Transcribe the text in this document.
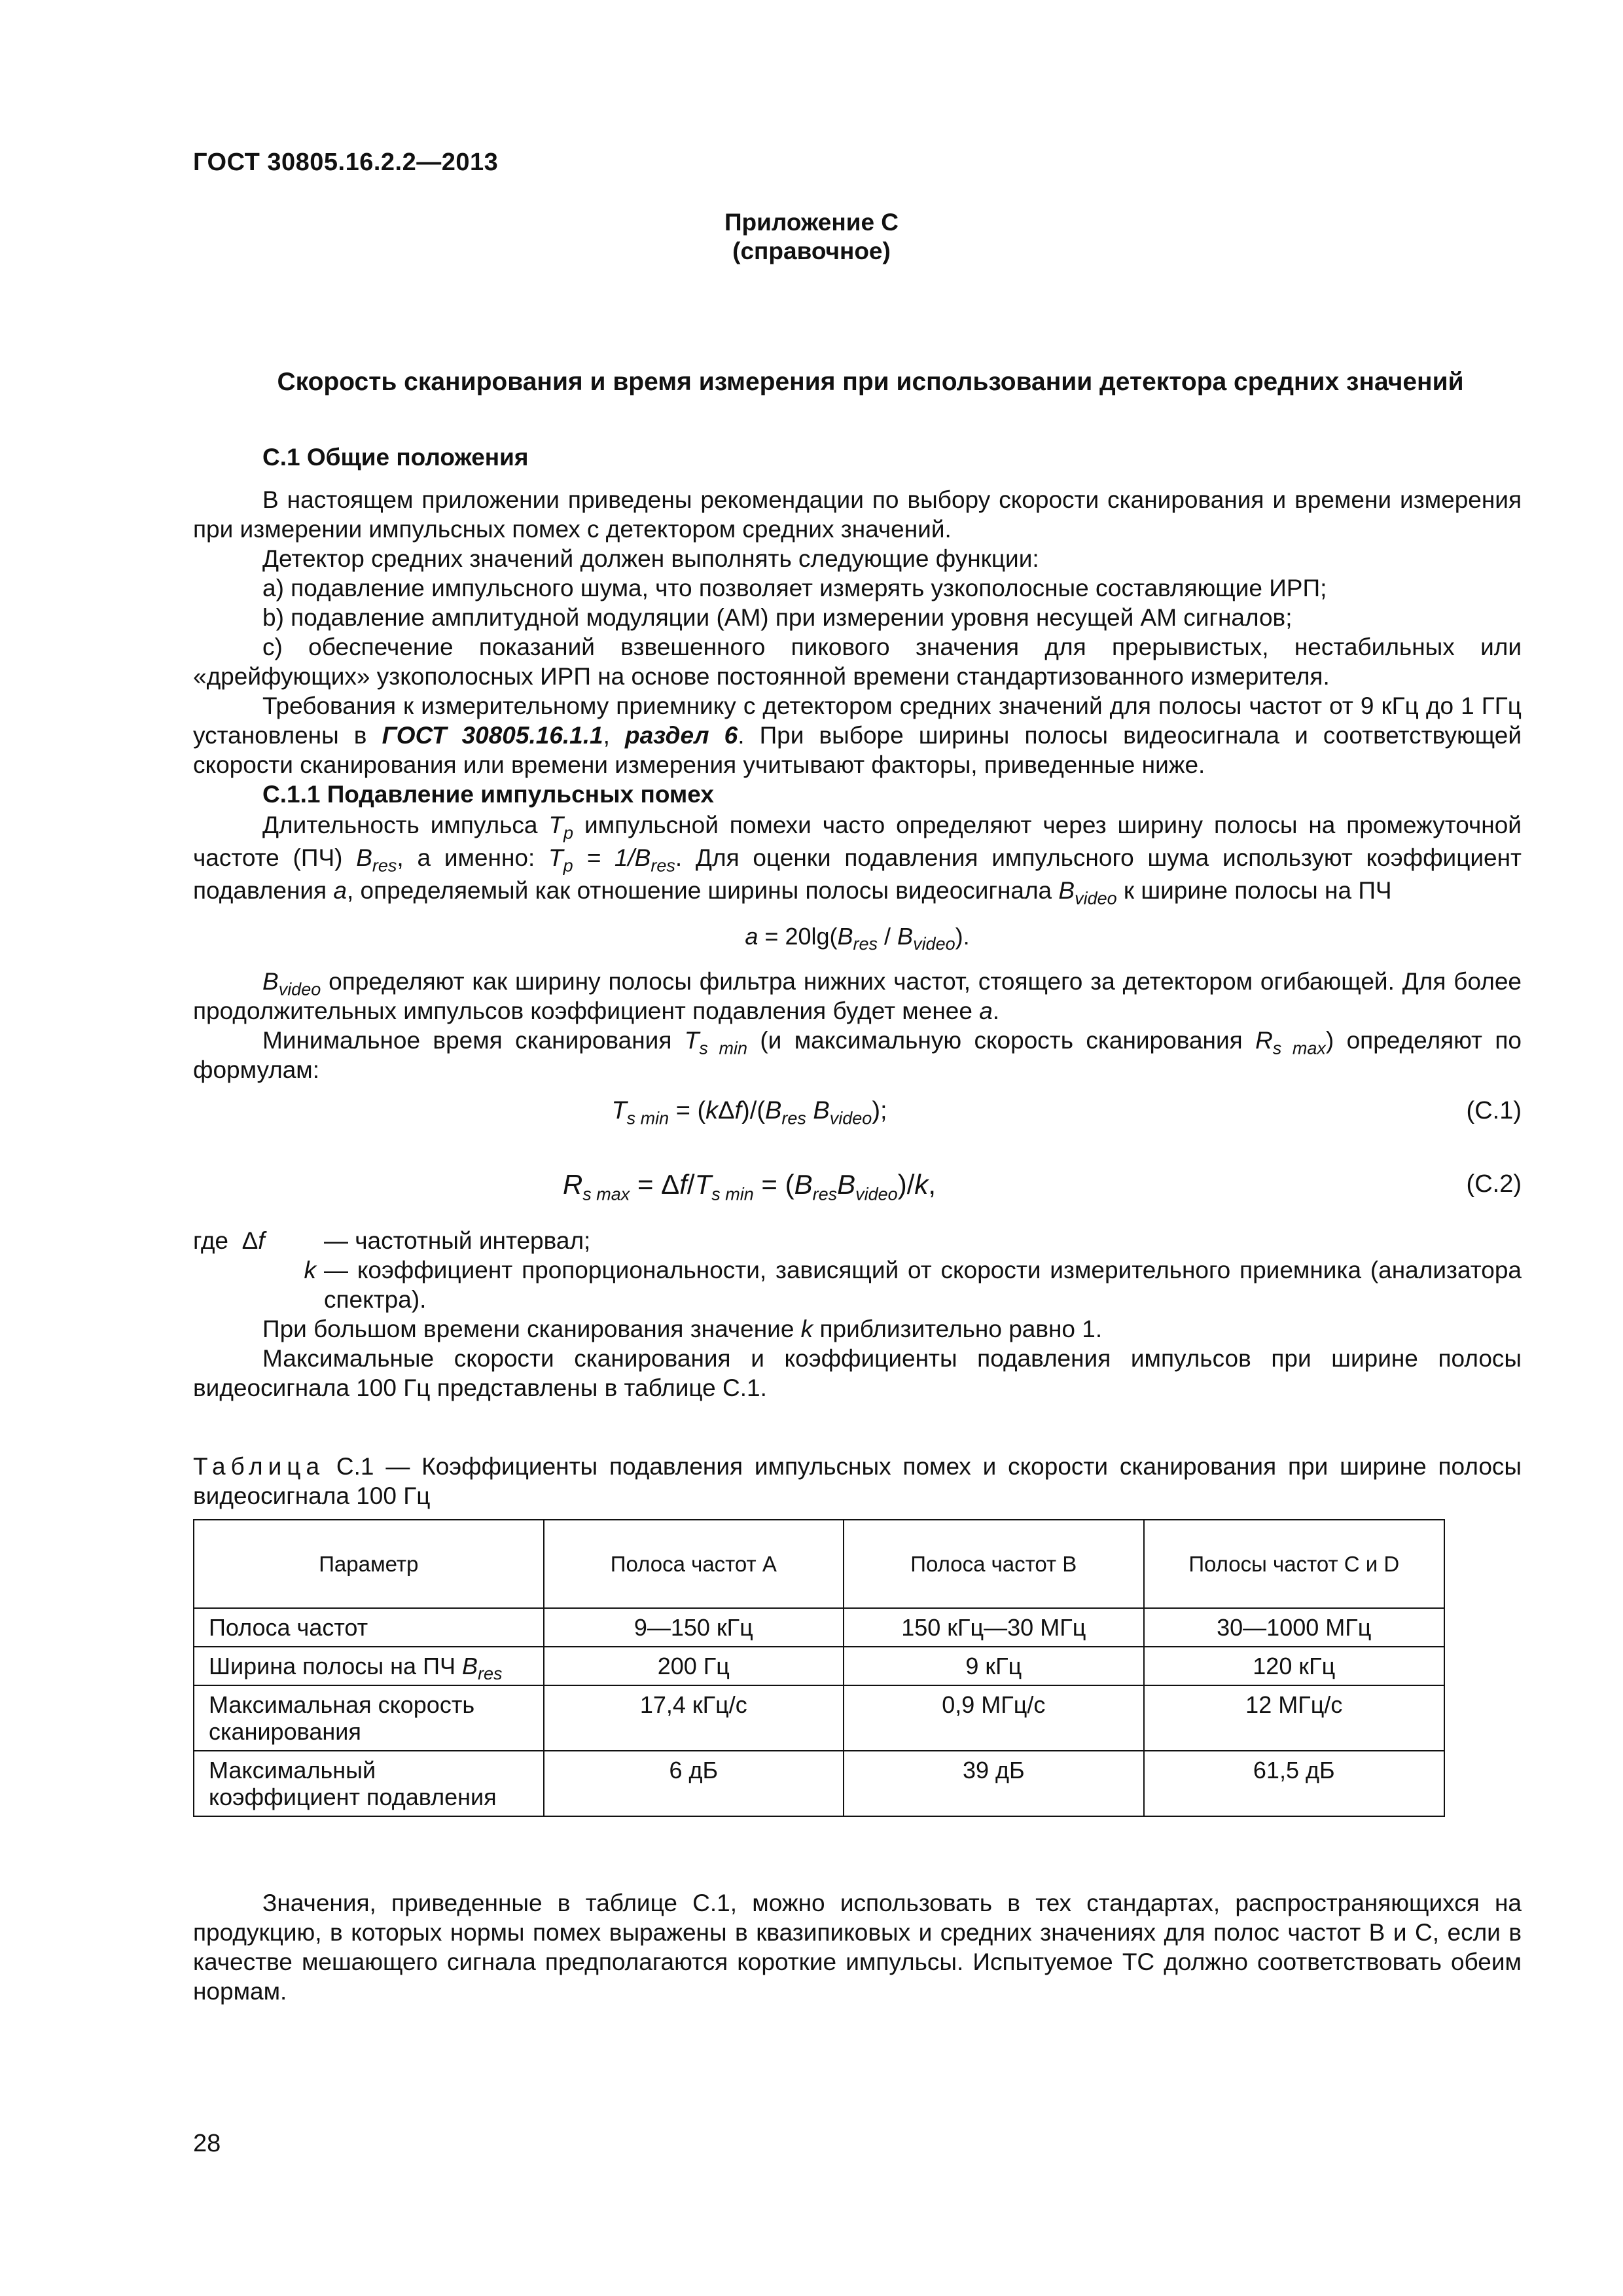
ГОСТ 30805.16.2.2—2013
Приложение С
(справочное)
Скорость сканирования и время измерения при использовании детектора средних значений

С.1 Общие положения

В настоящем приложении приведены рекомендации по выбору скорости сканирования и времени измерения при измерении импульсных помех с детектором средних значений.

Детектор средних значений должен выполнять следующие функции:

а) подавление импульсного шума, что позволяет измерять узкополосные составляющие ИРП;

b) подавление амплитудной модуляции (АМ) при измерении уровня несущей АМ сигналов;

с) обеспечение показаний взвешенного пикового значения для прерывистых, нестабильных или «дрейфующих» узкополосных ИРП на основе постоянной времени стандартизованного измерителя.

Требования к измерительному приемнику с детектором средних значений для полосы частот от 9 кГц до 1 ГГц установлены в ГОСТ 30805.16.1.1, раздел 6. При выборе ширины полосы видеосигнала и соответствующей скорости сканирования или времени измерения учитывают факторы, приведенные ниже.

С.1.1 Подавление импульсных помех

Длительность импульса $T_p$ импульсной помехи часто определяют через ширину полосы на промежуточной частоте (ПЧ) $B_{res}$, а именно: $T_p = 1/B_{res}$. Для оценки подавления импульсного шума используют коэффициент подавления a, определяемый как отношение ширины полосы видеосигнала $B_{video}$ к ширине полосы на ПЧ

$a = 20\lg(B_{res} / B_{video})$.

$B_{video}$ определяют как ширину полосы фильтра нижних частот, стоящего за детектором огибающей. Для более продолжительных импульсов коэффициент подавления будет менее a.

Минимальное время сканирования $T_{s min}$ (и максимальную скорость сканирования $R_{s max}$) определяют по формулам:

$T_{s min} = (k\Delta f)/(B_{res}$ $B_{video}$);	(С.1)
$R_{s max} = \Delta f/T_{s min} = (B_{res}B_{video})/k$,	(С.2)
где  Δf	— частотный интервал;
k — коэффициент пропорциональности, зависящий от скорости измерительного приемника (анализатора спектра).

При большом времени сканирования значение k приблизительно равно 1.

Максимальные скорости сканирования и коэффициенты подавления импульсов при ширине полосы видеосигнала 100 Гц представлены в таблице С.1.

Таблица С.1 — Коэффициенты подавления импульсных помех и скорости сканирования при ширине полосы видеосигнала 100 Гц
Параметр	Полоса частот А	Полоса частот В	Полосы частот С и D
Полоса частот	9—150 кГц	150 кГц—30 МГц	30—1000 МГц
Ширина полосы на ПЧ $B_{res}$	200 Гц	9 кГц	120 кГц
Максимальная скорость сканирования	17,4 кГц/с	0,9 МГц/с	12 МГц/с
Максимальный коэффициент подавления	6 дБ	39 дБ	61,5 дБ

Значения, приведенные в таблице С.1, можно использовать в тех стандартах, распространяющихся на продукцию, в которых нормы помех выражены в квазипиковых и средних значениях для полос частот В и С, если в качестве мешающего сигнала предполагаются короткие импульсы. Испытуемое ТС должно соответствовать обеим нормам.

28
